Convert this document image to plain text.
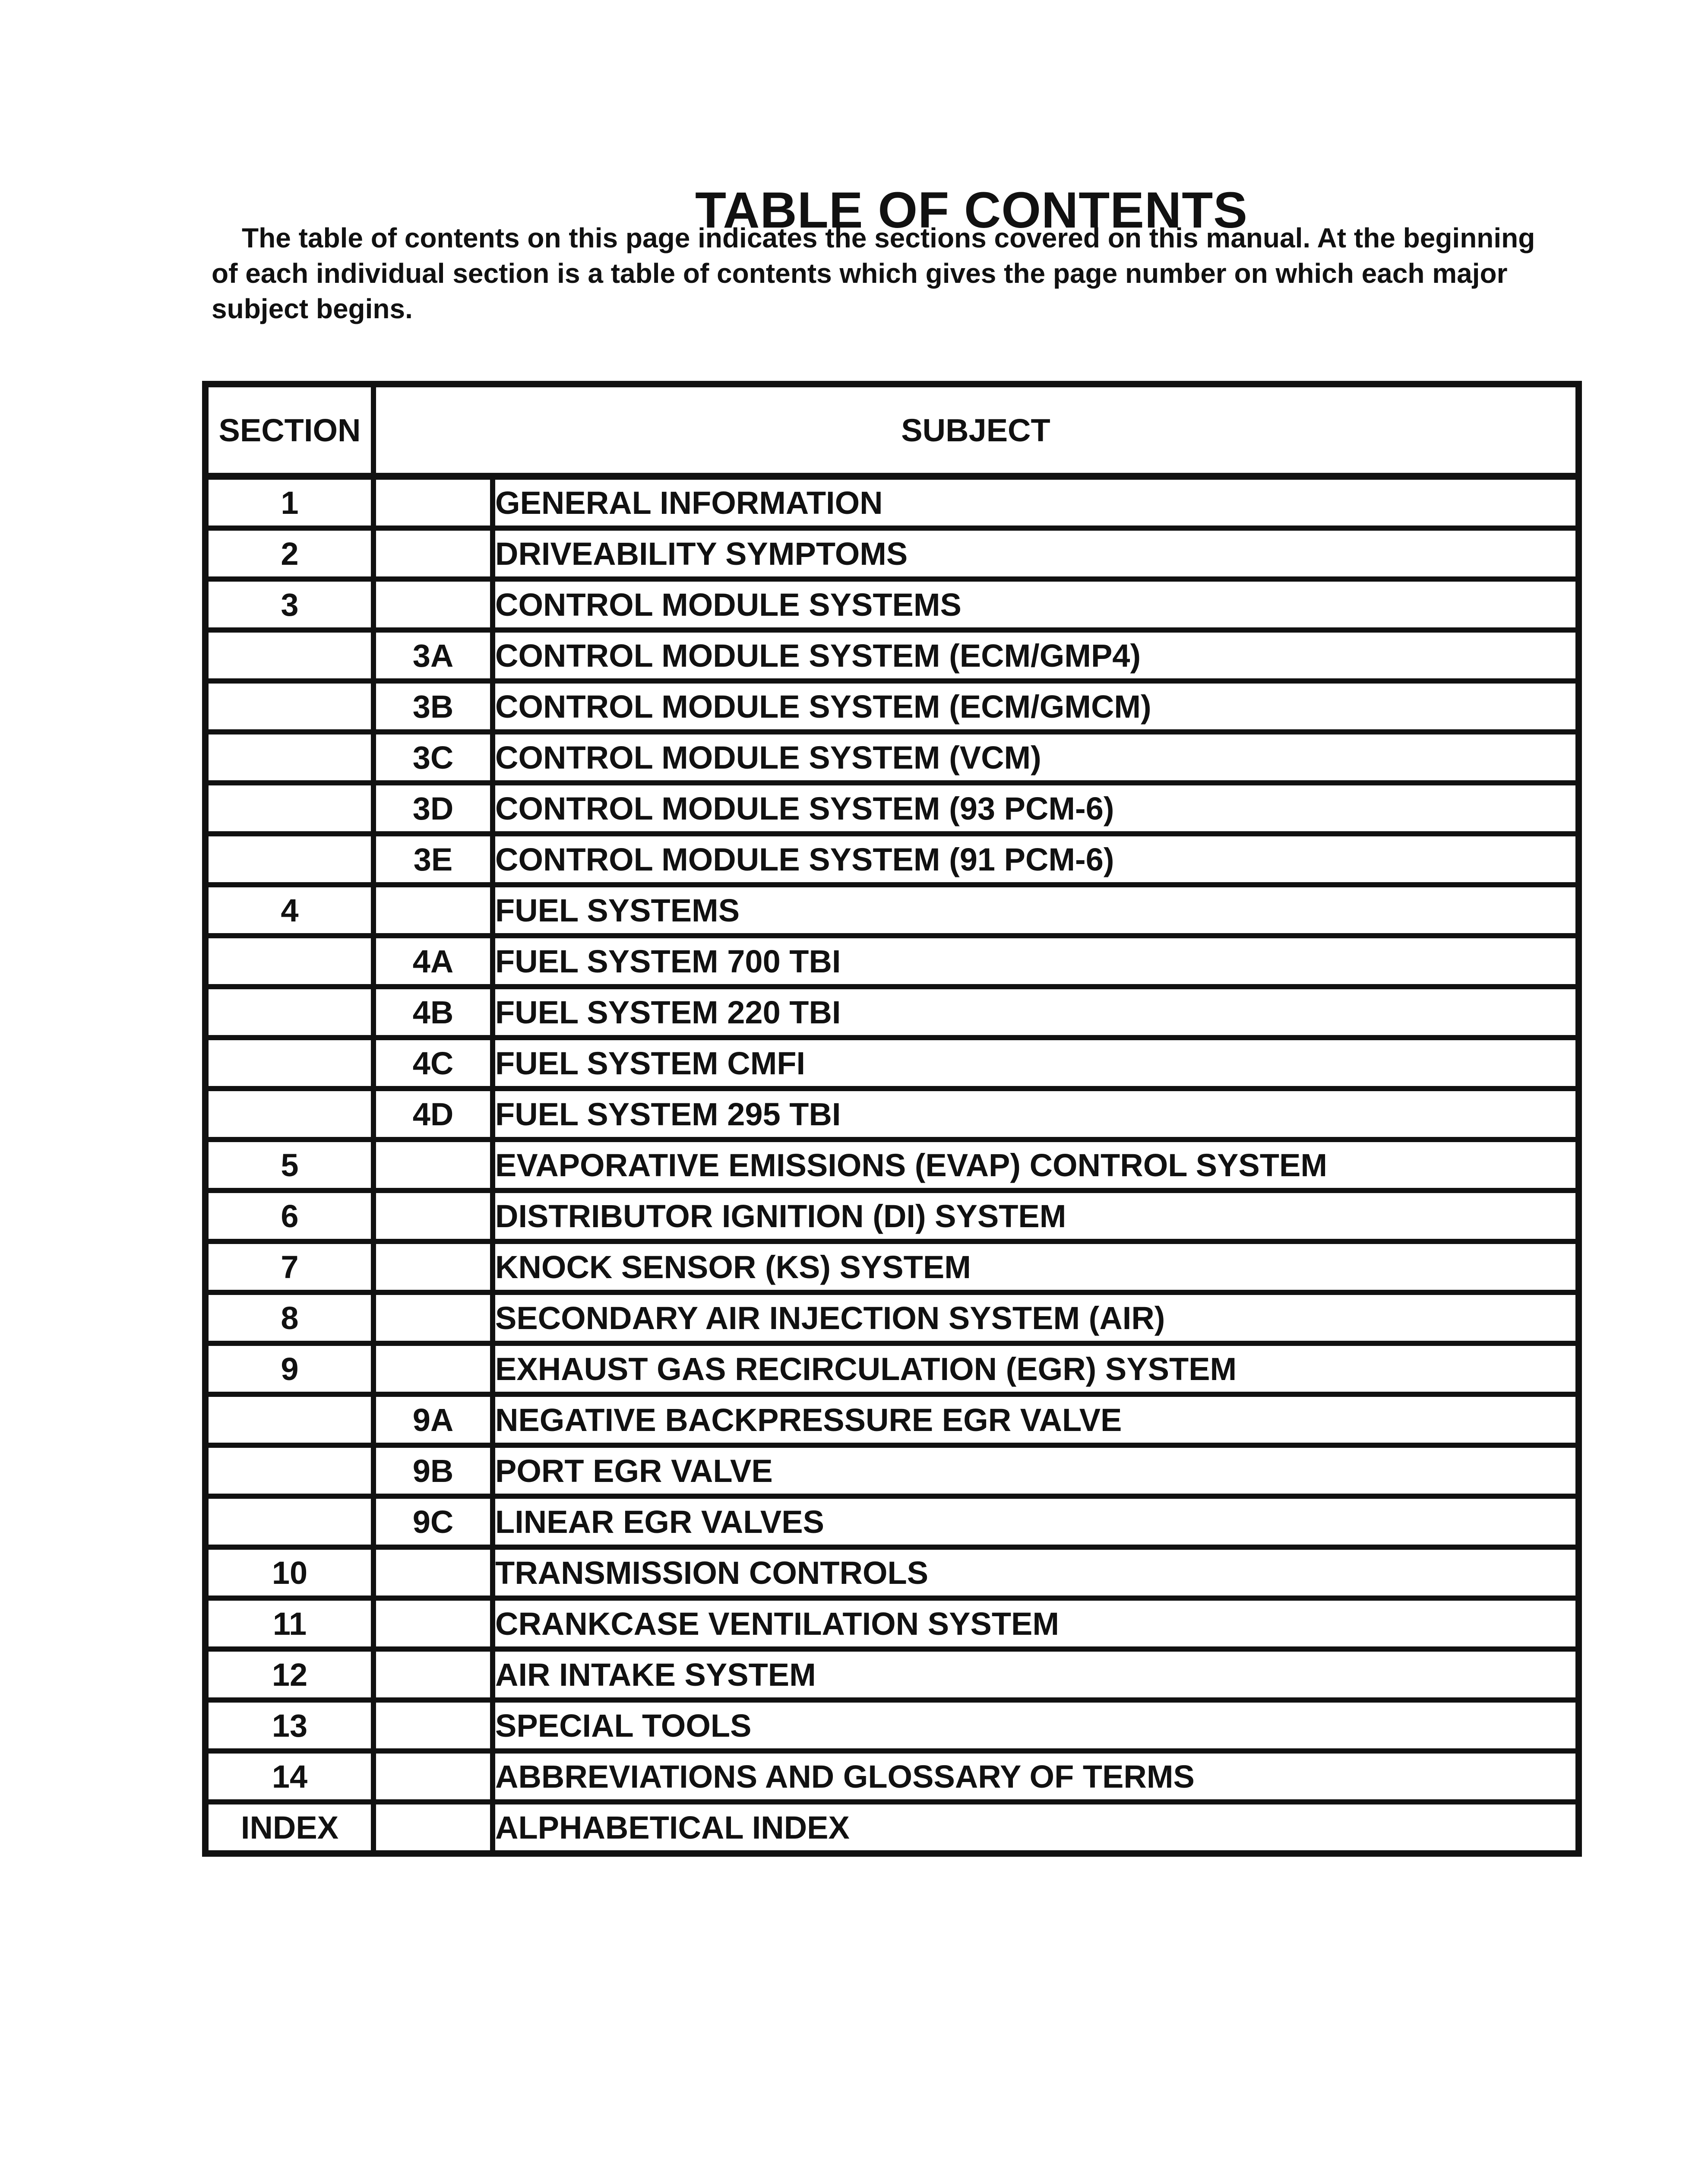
TABLE OF CONTENTS

The table of contents on this page indicates the sections covered on this manual. At the beginning of each individual section is a table of contents which gives the page number on which each major subject begins.

SECTION	SUBJECT	
1		GENERAL INFORMATION
2		DRIVEABILITY SYMPTOMS
3		CONTROL MODULE SYSTEMS
	3A	CONTROL MODULE SYSTEM (ECM/GMP4)
	3B	CONTROL MODULE SYSTEM (ECM/GMCM)
	3C	CONTROL MODULE SYSTEM (VCM)
	3D	CONTROL MODULE SYSTEM (93 PCM-6)
	3E	CONTROL MODULE SYSTEM (91 PCM-6)
4		FUEL SYSTEMS
	4A	FUEL SYSTEM 700 TBI
	4B	FUEL SYSTEM 220 TBI
	4C	FUEL SYSTEM CMFI
	4D	FUEL SYSTEM 295 TBI
5		EVAPORATIVE EMISSIONS (EVAP) CONTROL SYSTEM
6		DISTRIBUTOR IGNITION (DI) SYSTEM
7		KNOCK SENSOR (KS) SYSTEM
8		SECONDARY AIR INJECTION SYSTEM (AIR)
9		EXHAUST GAS RECIRCULATION (EGR) SYSTEM
	9A	NEGATIVE BACKPRESSURE EGR VALVE
	9B	PORT EGR VALVE
	9C	LINEAR EGR VALVES
10		TRANSMISSION CONTROLS
11		CRANKCASE VENTILATION SYSTEM
12		AIR INTAKE SYSTEM
13		SPECIAL TOOLS
14		ABBREVIATIONS AND GLOSSARY OF TERMS
INDEX		ALPHABETICAL INDEX
